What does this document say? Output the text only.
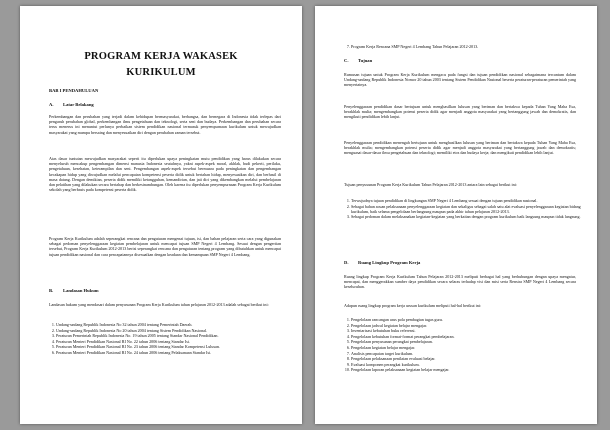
PROGRAM KERJA WAKASEK
KURIKULUM
BAB I PENDAHULUAN
A. Latar Belakang

Perkembangan dan perubahan yang terjadi dalam kehidupan bermasyarakat, berbangsa, dan bernegara di Indonesia tidak terlepas dari pengaruh perubahan global, perkembangan ilmu pengetahuan dan teknologi, serta seni dan budaya. Perkembangan dan perubahan secara terus menerus ini menuntut perlunya perbaikan sistem pendidikan nasional termasuk penyempurnaan kurikulum untuk mewujudkan masyarakat yang mampu bersaing dan menyesuaikan diri dengan perubahan zaman tersebut.

Atas dasar tuntutan mewujudkan masyarakat seperti itu diperlukan upaya peningkatan mutu pendidikan yang harus dilakukan secara menyeluruh mencakup pengembangan dimensi manusia Indonesia seutuhnya, yakni aspek-aspek moral, akhlak, budi pekerti, perilaku, pengetahuan, kesehatan, keterampilan dan seni. Pengembangan aspek-aspek tersebut bermuara pada peningkatan dan pengembangan kecakapan hidup yang diwujudkan melalui pencapaian kompetensi peserta didik untuk bertahan hidup, menyesuaikan diri, dan berhasil di masa datang. Dengan demikian, peserta didik memiliki ketangguhan, kemandirian, dan jati diri yang dikembangkan melalui pembelajaran dan pelatihan yang dilakukan secara bertahap dan berkesinambungan. Oleh karena itu diperlukan penyempurnaan Program Kerja Kurikulum sekolah yang berbasis pada kompetensi peserta didik.

Program Kerja Kurikulum adalah seperangkat rencana dan pengaturan mengenai tujuan, isi, dan bahan pelajaran serta cara yang digunakan sebagai pedoman penyelenggaraan kegiatan pembelajaran untuk mencapai tujuan SMP Negeri 4 Lembang. Sesuai dengan pengertian tersebut, Program Kerja Kurikulum 2012-2013 berisi seperangkat rencana dan pengaturan tentang program yang dibutuhkan untuk mencapai tujuan pendidikan nasional dan cara pencapaiannya disesuaikan dengan keadaan dan kemampuan SMP Negeri 4 Lembang.

B. Landasan Hukum

Landasan hukum yang mendasari dalam penyusunan Program Kerja Kurikulum tahun pelajaran 2012-2013 adalah sebagai berikut ini:

1. Undang-undang Republik Indonesia No 32 tahun 2004 tentang Pemerintah Daerah.
2. Undang-undang Republik Indonesia No 20 tahun 2004 tentang Sistem Pendidikan Nasional.
3. Peraturan Pemerintah Republik Indonesia No. 19 tahun 2005 tentang Standar Nasional Pendidikan.
4. Peraturan Menteri Pendidikan Nasional RI No. 22 tahun 2006 tentang Standar Isi.
5. Peraturan Menteri Pendidikan Nasional RI No. 23 tahun 2006 tentang Standar Kompetensi Lulusan.
6. Peraturan Menteri Pendidikan Nasional RI No. 24 tahun 2006 tentang Pelaksanaan Standar Isi.
7. Program Kerja Rencana SMP Negeri 4 Lembang Tahun Pelajaran 2012-2013.
C. Tujuan

Rumusan tujuan untuk Program Kerja Kurikulum mengacu pada fungsi dan tujuan pendidikan nasional sebagaimana tercantum dalam Undang-undang Republik Indonesia Nomor 20 tahun 2003 tentang Sistem Pendidikan Nasional beserta peraturan-peraturan pemerintah yang menyertainya.

Penyelenggaraan pendidikan dasar bertujuan untuk menghasilkan lulusan yang beriman dan bertakwa kepada Tuhan Yang Maha Esa, berakhlak mulia; mengembangkan potensi peserta didik agar menjadi anggota masyarakat yang bertanggung jawab dan demokratis, dan mengikuti pendidikan lebih lanjut.

Penyelenggaraan pendidikan menengah bertujuan untuk menghasilkan lulusan yang beriman dan bertakwa kepada Tuhan Yang Maha Esa, berakhlak mulia; mengembangkan potensi peserta didik agar menjadi anggota masyarakat yang bertanggung jawab dan demokratis; menguasai dasar-dasar ilmu pengetahuan dan teknologi; memiliki etos dan budaya kerja; dan mengikuti pendidikan lebih lanjut.

Tujuan penyusunan Program Kerja Kurikulum Tahun Pelajaran 2012-2013 antara lain sebagai berikut ini:

1. Terwujudnya tujuan pendidikan di lingkungan SMP Negeri 4 Lembang sesuai dengan tujuan pendidikan nasional.
2. Sebagai bahan acuan pelaksanaan penyelenggaraan kegiatan dan sekaligus sebagai salah satu alat evaluasi penyelenggaraan kegiatan bidang kurikulum, baik selama pengelolaan berlangsung maupun pada akhir tahun pelajaran 2012-2013.
3. Sebagai pedoman dalam melaksanakan kegiatan-kegiatan yang berkaitan dengan program kurikulum baik langsung maupun tidak langsung.
D. Ruang Lingkup Program Kerja

Ruang lingkup Program Kerja Kurikulum Tahun Pelajaran 2012-2013 meliputi berbagai hal yang berhubungan dengan upaya mengatur, mencapai, dan menggerakkan sumber daya pendidikan secara selaras terhadap visi dan misi serta Renstra SMP Negeri 4 Lembang secara keseluruhan.

Adapun ruang lingkup program kerja urusan kurikulum meliputi hal-hal berikut ini:

1. Pengelolaan rancangan arus pola pembagian tugas guru.
2. Pengelolaan jadwal kegiatan belajar mengajar.
3. Inventarisasi kebutuhan buku referensi.
4. Pengelolaan kebutuhan format-format perangkat pembelajaran.
5. Pengelolaan penyusunan perangkat pembelajaran.
6. Pengelolaan kegiatan belajar mengajar.
7. Analisis pencapaian target kurikulum.
8. Pengelolaan pelaksanaan penilaian evaluasi belajar.
9. Evaluasi komponen perangkat kurikulum.
10. Pengelolaan laporan pelaksanaan kegiatan belajar mengajar.
